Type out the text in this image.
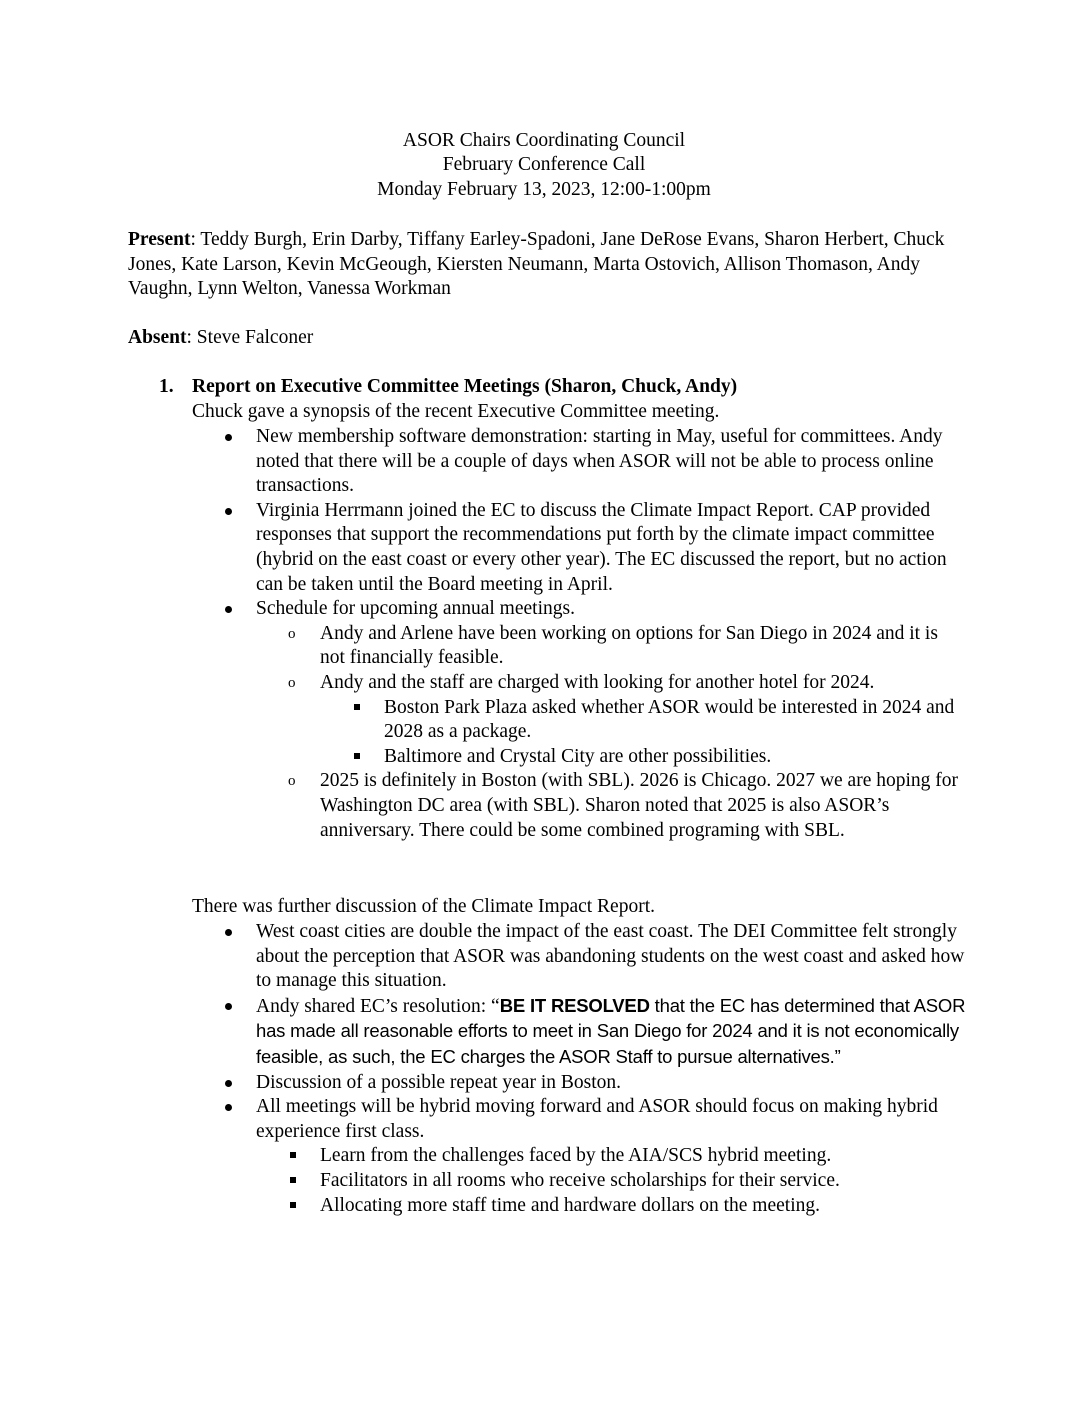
ASOR Chairs Coordinating Council
February Conference Call
Monday February 13, 2023, 12:00-1:00pm
Present: Teddy Burgh, Erin Darby, Tiffany Earley-Spadoni, Jane DeRose Evans, Sharon Herbert, Chuck Jones, Kate Larson, Kevin McGeough, Kiersten Neumann, Marta Ostovich, Allison Thomason, Andy Vaughn, Lynn Welton, Vanessa Workman
Absent: Steve Falconer
1. Report on Executive Committee Meetings (Sharon, Chuck, Andy)
Chuck gave a synopsis of the recent Executive Committee meeting.
New membership software demonstration: starting in May, useful for committees. Andy noted that there will be a couple of days when ASOR will not be able to process online transactions.
Virginia Herrmann joined the EC to discuss the Climate Impact Report. CAP provided responses that support the recommendations put forth by the climate impact committee (hybrid on the east coast or every other year). The EC discussed the report, but no action can be taken until the Board meeting in April.
Schedule for upcoming annual meetings.
o Andy and Arlene have been working on options for San Diego in 2024 and it is not financially feasible.
o Andy and the staff are charged with looking for another hotel for 2024.
Boston Park Plaza asked whether ASOR would be interested in 2024 and 2028 as a package.
Baltimore and Crystal City are other possibilities.
o 2025 is definitely in Boston (with SBL). 2026 is Chicago. 2027 we are hoping for Washington DC area (with SBL). Sharon noted that 2025 is also ASOR’s anniversary. There could be some combined programing with SBL.
There was further discussion of the Climate Impact Report.
West coast cities are double the impact of the east coast. The DEI Committee felt strongly about the perception that ASOR was abandoning students on the west coast and asked how to manage this situation.
Andy shared EC’s resolution: “BE IT RESOLVED that the EC has determined that ASOR has made all reasonable efforts to meet in San Diego for 2024 and it is not economically feasible, as such, the EC charges the ASOR Staff to pursue alternatives.”
Discussion of a possible repeat year in Boston.
All meetings will be hybrid moving forward and ASOR should focus on making hybrid experience first class.
Learn from the challenges faced by the AIA/SCS hybrid meeting.
Facilitators in all rooms who receive scholarships for their service.
Allocating more staff time and hardware dollars on the meeting.
